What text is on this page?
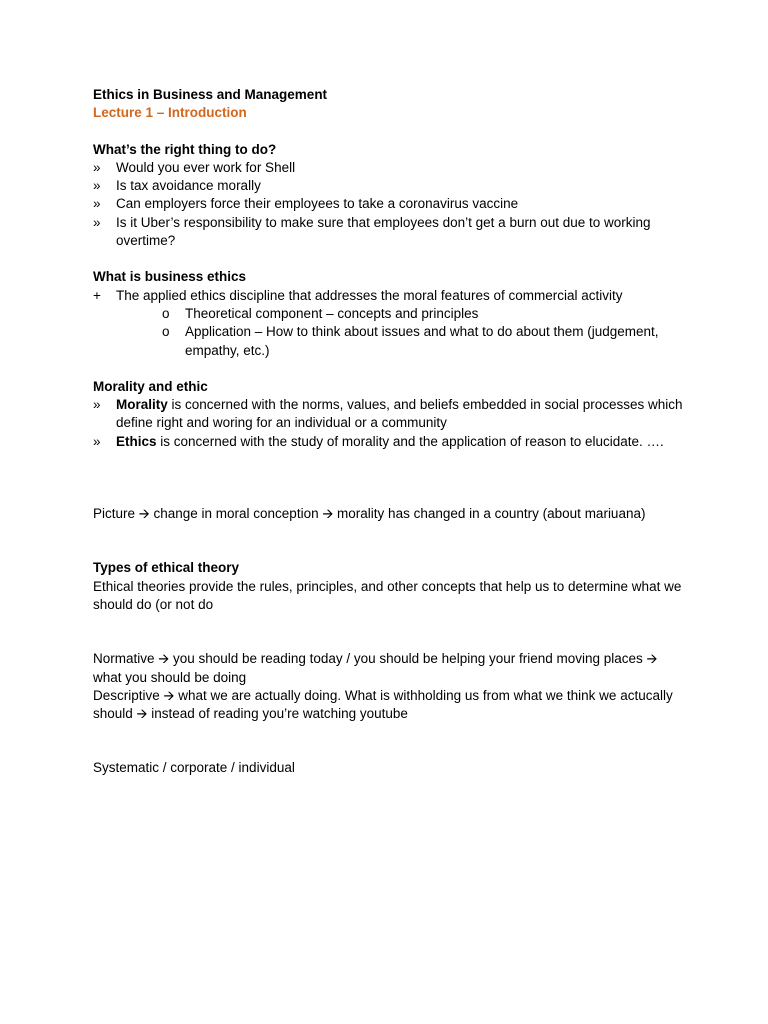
Ethics in Business and Management
Lecture 1 – Introduction
What’s the right thing to do?
»	Would you ever work for Shell
»	Is tax avoidance morally
»	Can employers force their employees to take a coronavirus vaccine
»	Is it Uber’s responsibility to make sure that employees don’t get a burn out due to working overtime?
What is business ethics
+	The applied ethics discipline that addresses the moral features of commercial activity
o Theoretical component – concepts and principles
o Application – How to think about issues and what to do about them (judgement, empathy, etc.)
Morality and ethic
»	Morality is concerned with the norms, values, and beliefs embedded in social processes which define right and woring for an individual or a community
»	Ethics is concerned with the study of morality and the application of reason to elucidate. ….

Picture 🡪 change in moral conception 🡪 morality has changed in a country (about mariuana)

Types of ethical theory

Ethical theories provide the rules, principles, and other concepts that help us to determine what we should do (or not do

Normative 🡪 you should be reading today / you should be helping your friend moving places 🡪 what you should be doing

Descriptive 🡪 what we are actually doing. What is withholding us from what we think we actucally should 🡪 instead of reading you’re watching youtube

Systematic / corporate / individual
